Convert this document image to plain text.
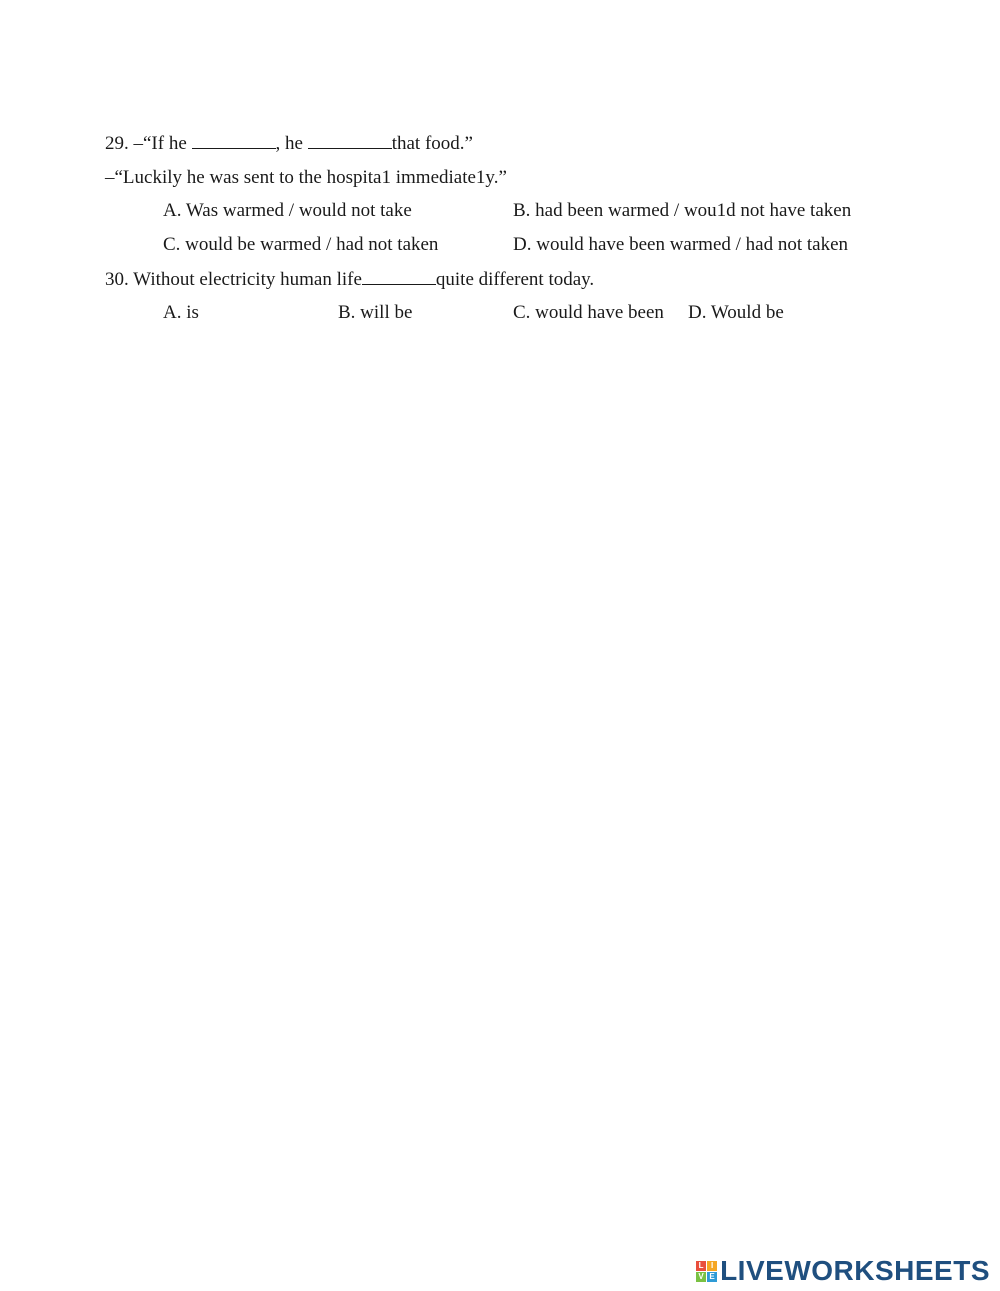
29. –“If he	, he	that food.”
–“Luckily he was sent to the hospita1 immediate1y.”
A. Was warmed / would not take	B. had been warmed / wou1d not have taken
C. would be warmed / had not taken	D. would have been warmed / had not taken
30. Without electricity human life	quite different today.
A. is	B. will be	C. would have been D. Would be
L I
V E LIVEWORKSHEETS
